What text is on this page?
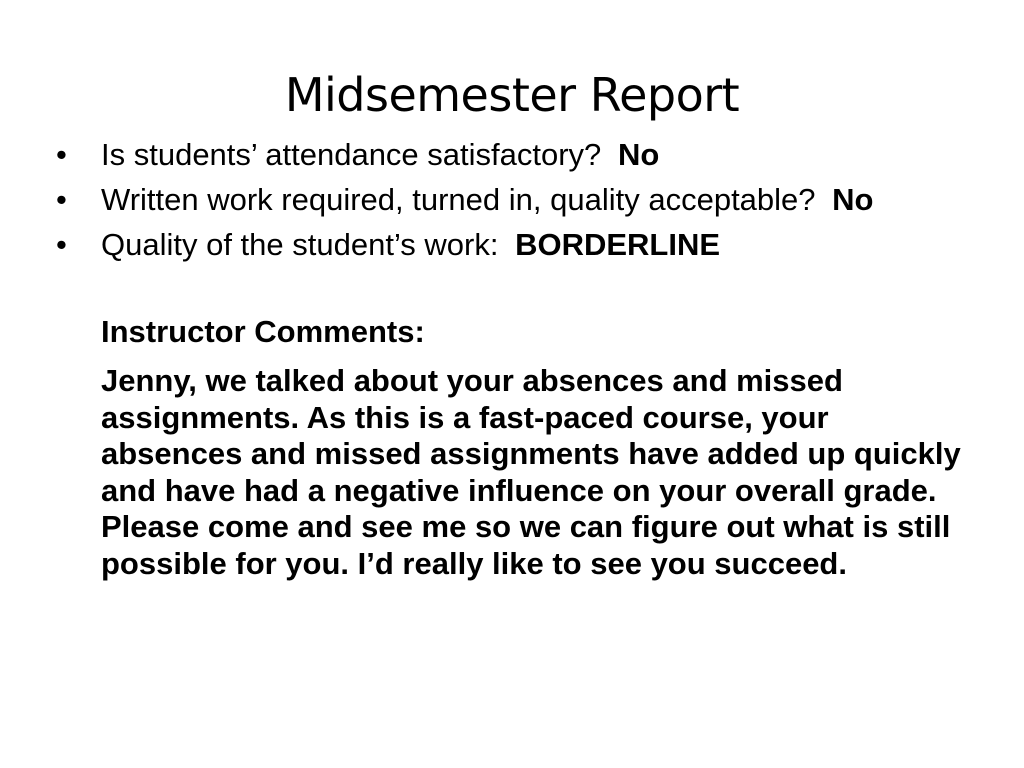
Midsemester Report
•	Is students’ attendance satisfactory? No
•	Written work required, turned in, quality acceptable? No
•	Quality of the student’s work: BORDERLINE

Instructor Comments:

Jenny, we talked about your absences and missed assignments. As this is a fast-paced course, your absences and missed assignments have added up quickly and have had a negative influence on your overall grade. Please come and see me so we can figure out what is still possible for you. I’d really like to see you succeed.
